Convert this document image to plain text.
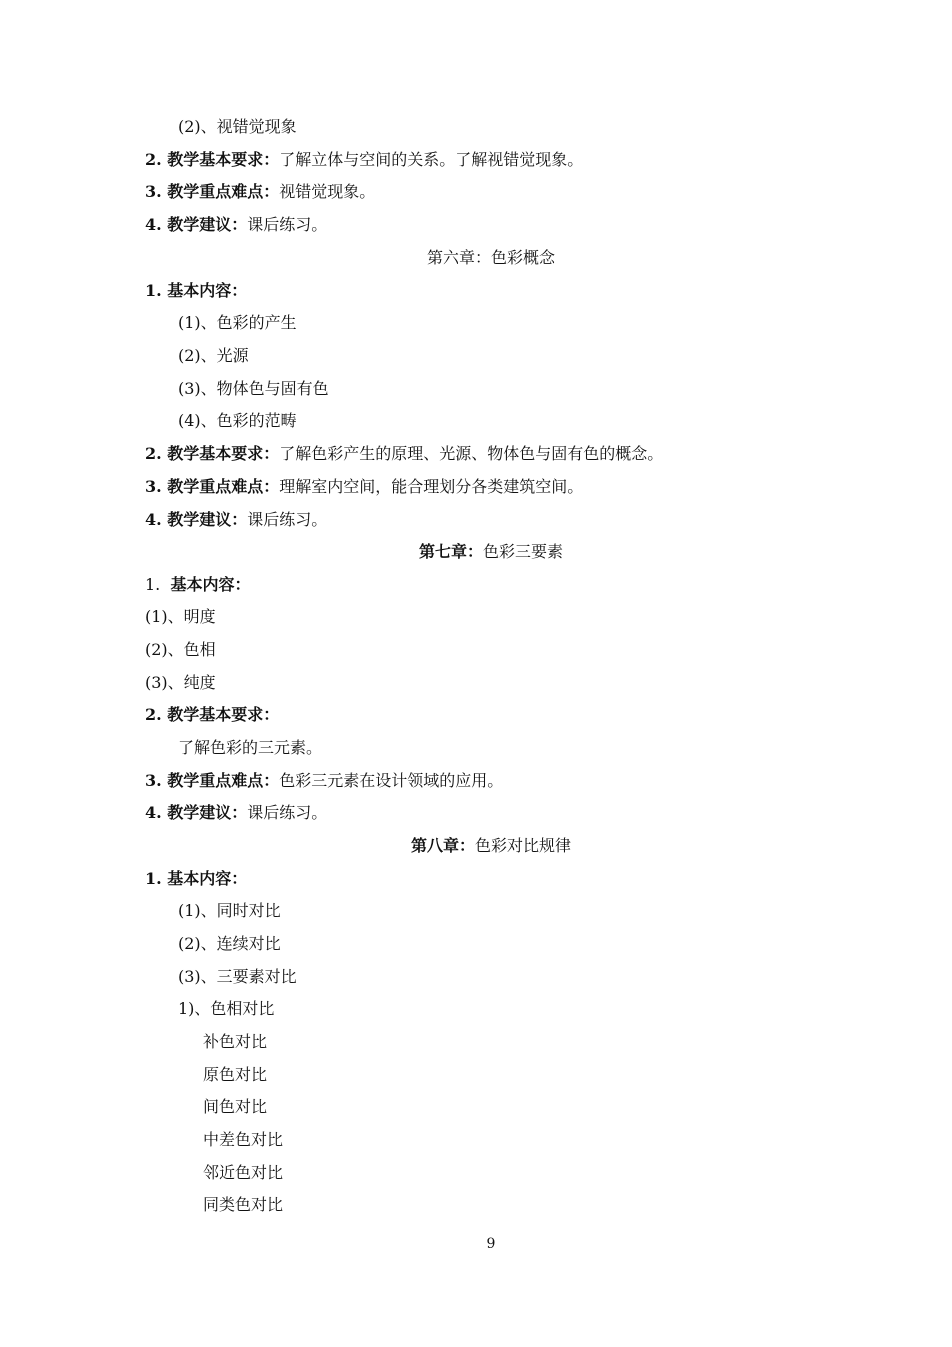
(2)、视错觉现象
2. 教学基本要求：了解立体与空间的关系。了解视错觉现象。
3. 教学重点难点：视错觉现象。
4. 教学建议：课后练习。
第六章：色彩概念
1. 基本内容：
(1)、色彩的产生
(2)、光源
(3)、物体色与固有色
(4)、色彩的范畴
2. 教学基本要求：了解色彩产生的原理、光源、物体色与固有色的概念。
3. 教学重点难点：理解室内空间，能合理划分各类建筑空间。
4. 教学建议：课后练习。
第七章：色彩三要素
1. 基本内容：
(1)、明度
(2)、色相
(3)、纯度
2. 教学基本要求：
了解色彩的三元素。
3. 教学重点难点：色彩三元素在设计领域的应用。
4. 教学建议：课后练习。
第八章：色彩对比规律
1. 基本内容：
(1)、同时对比
(2)、连续对比
(3)、三要素对比
1)、色相对比
补色对比
原色对比
间色对比
中差色对比
邻近色对比
同类色对比
9
